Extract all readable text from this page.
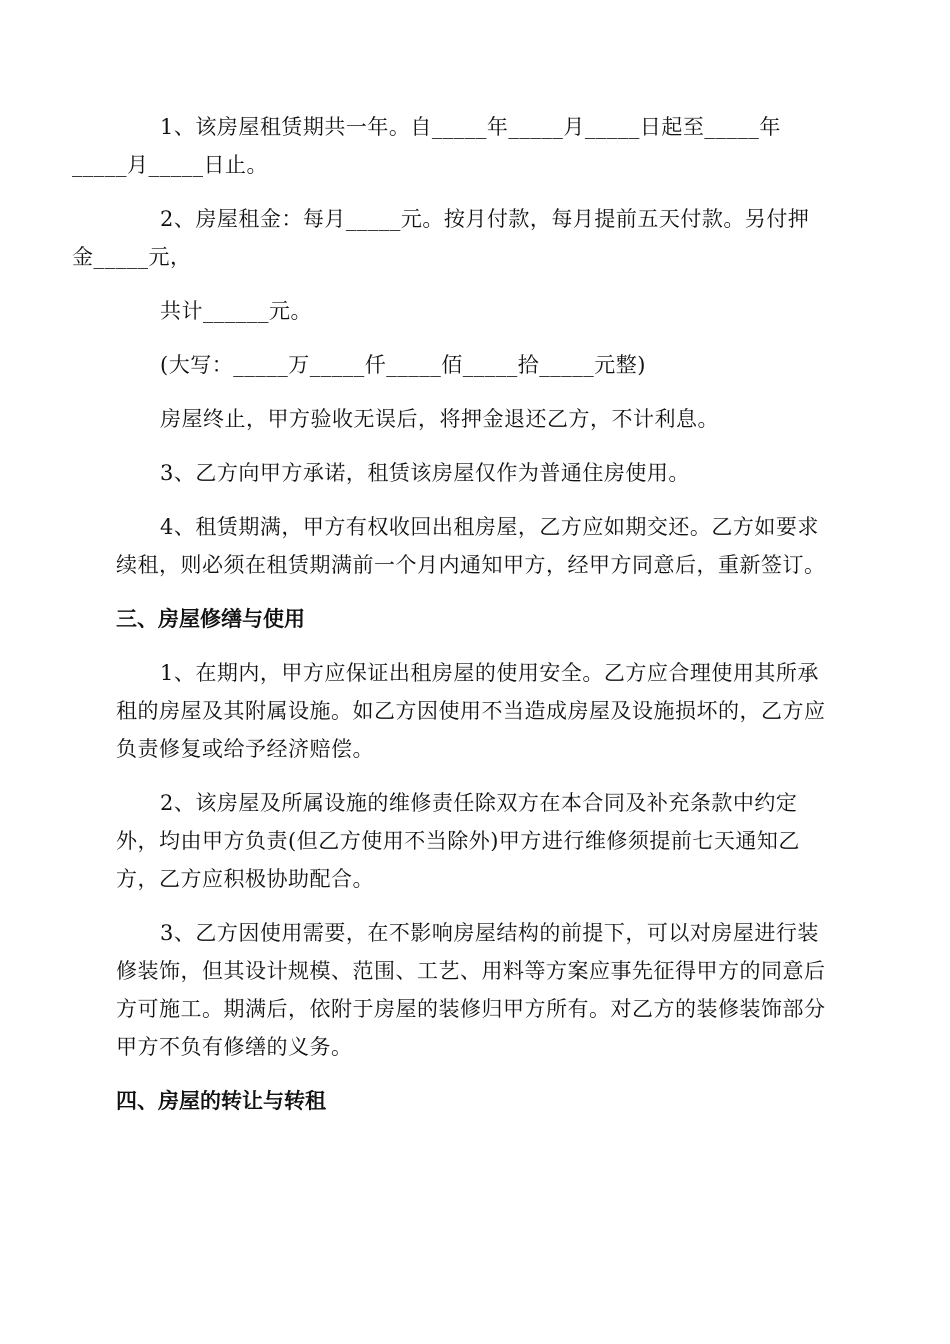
1、该房屋租赁期共一年。自_____年_____月_____日起至_____年
_____月_____日止。

2、房屋租金：每月_____元。按月付款，每月提前五天付款。另付押
金_____元，

共计______元。

(大写：_____万_____仟_____佰_____拾_____元整)

房屋终止，甲方验收无误后，将押金退还乙方，不计利息。

3、乙方向甲方承诺，租赁该房屋仅作为普通住房使用。

4、租赁期满，甲方有权收回出租房屋，乙方应如期交还。乙方如要求续租，则必须在租赁期满前一个月内通知甲方，经甲方同意后，重新签订。

三、房屋修缮与使用

1、在期内，甲方应保证出租房屋的使用安全。乙方应合理使用其所承租的房屋及其附属设施。如乙方因使用不当造成房屋及设施损坏的，乙方应负责修复或给予经济赔偿。

2、该房屋及所属设施的维修责任除双方在本合同及补充条款中约定外，均由甲方负责(但乙方使用不当除外)甲方进行维修须提前七天通知乙方，乙方应积极协助配合。

3、乙方因使用需要，在不影响房屋结构的前提下，可以对房屋进行装修装饰，但其设计规模、范围、工艺、用料等方案应事先征得甲方的同意后方可施工。期满后，依附于房屋的装修归甲方所有。对乙方的装修装饰部分甲方不负有修缮的义务。

四、房屋的转让与转租
